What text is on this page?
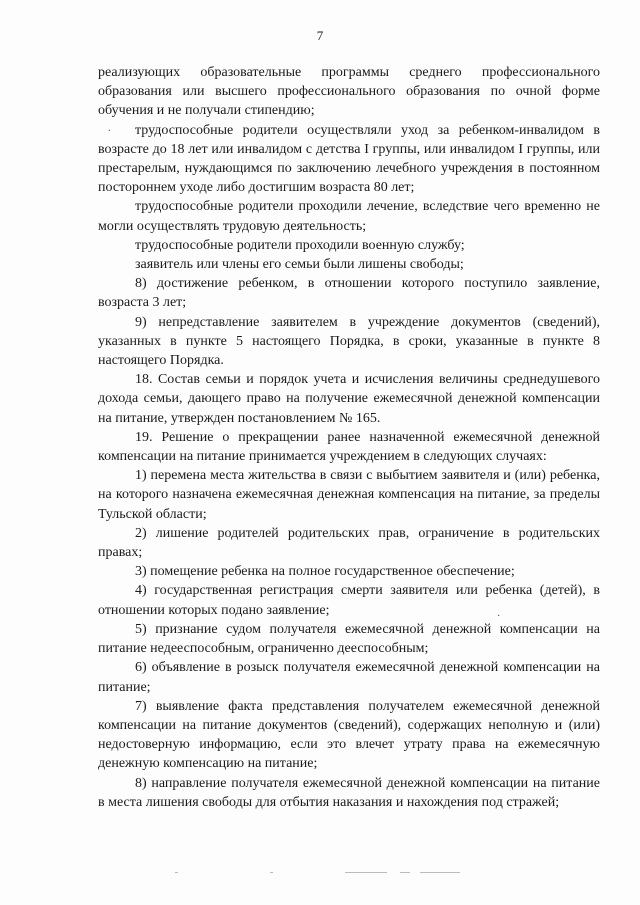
7
.
·

реализующих образовательные программы среднего профессионального образования или высшего профессионального образования по очной форме обучения и не получали стипендию;

трудоспособные родители осуществляли уход за ребенком-инвалидом в возрасте до 18 лет или инвалидом с детства I группы, или инвалидом I группы, или престарелым, нуждающимся по заключению лечебного учреждения в постоянном постороннем уходе либо достигшим возраста 80 лет;

трудоспособные родители проходили лечение, вследствие чего временно не могли осуществлять трудовую деятельность;

трудоспособные родители проходили военную службу;

заявитель или члены его семьи были лишены свободы;

8) достижение ребенком, в отношении которого поступило заявление, возраста 3 лет;

9) непредставление заявителем в учреждение документов (сведений), указанных в пункте 5 настоящего Порядка, в сроки, указанные в пункте 8 настоящего Порядка.

18. Состав семьи и порядок учета и исчисления величины среднедушевого дохода семьи, дающего право на получение ежемесячной денежной компенсации на питание, утвержден постановлением № 165.

19. Решение о прекращении ранее назначенной ежемесячной денежной компенсации на питание принимается учреждением в следующих случаях:

1) перемена места жительства в связи с выбытием заявителя и (или) ребенка, на которого назначена ежемесячная денежная компенсация на питание, за пределы Тульской области;

2) лишение родителей родительских прав, ограничение в родительских правах;

3) помещение ребенка на полное государственное обеспечение;

4) государственная регистрация смерти заявителя или ребенка (детей), в отношении которых подано заявление;

5) признание судом получателя ежемесячной денежной компенсации на питание недееспособным, ограниченно дееспособным;

6) объявление в розыск получателя ежемесячной денежной компенсации на питание;

7) выявление факта представления получателем ежемесячной денежной компенсации на питание документов (сведений), содержащих неполную и (или) недостоверную информацию, если это влечет утрату права на ежемесячную денежную компенсацию на питание;

8) направление получателя ежемесячной денежной компенсации на питание в места лишения свободы для отбытия наказания и нахождения под стражей;
